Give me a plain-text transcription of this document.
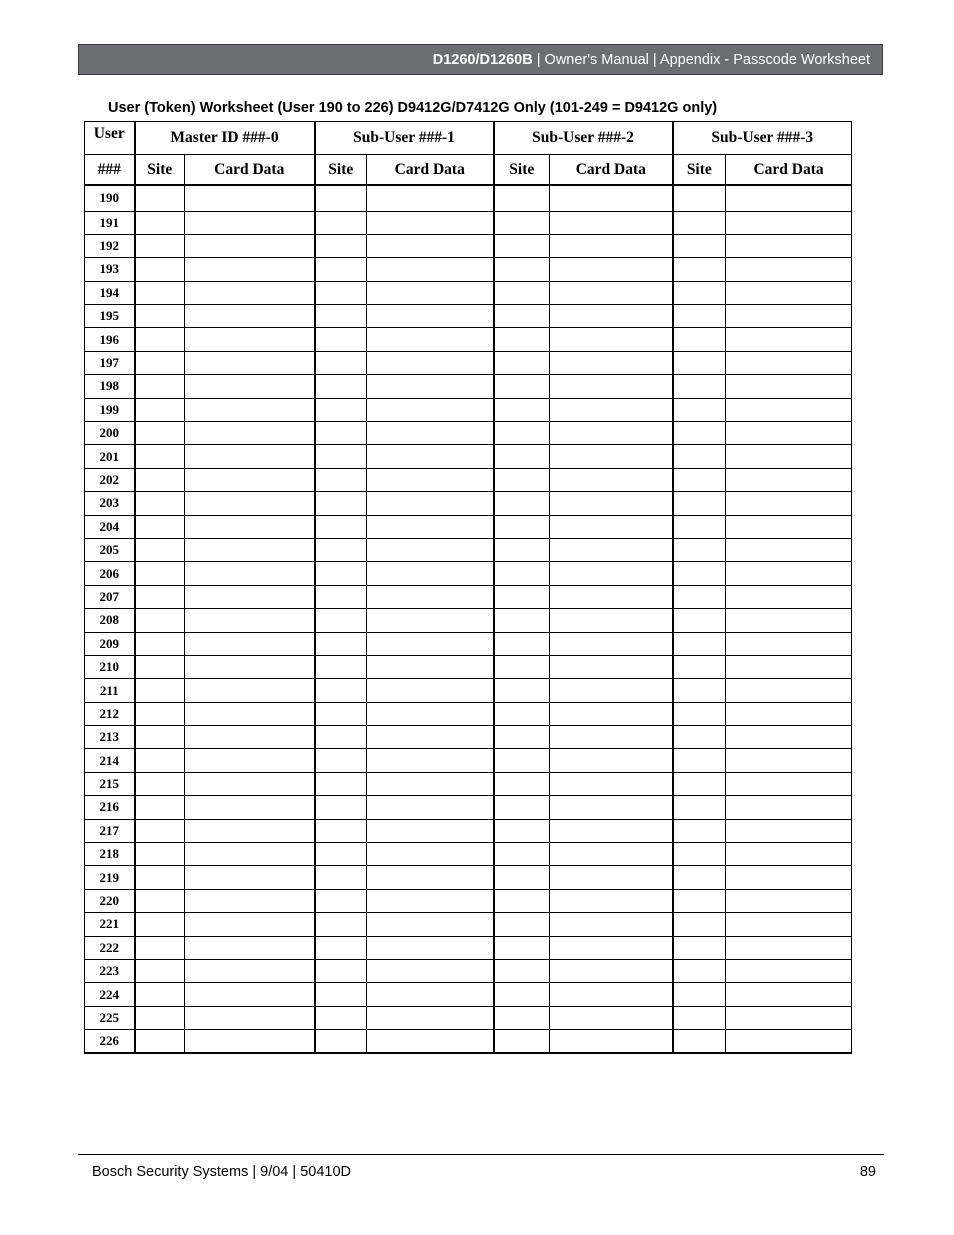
D1260/D1260B | Owner's Manual | Appendix - Passcode Worksheet
User (Token) Worksheet (User 190 to 226) D9412G/D7412G Only (101-249 = D9412G only)
User	Master ID ###-0		Sub-User ###-1		Sub-User ###-2		Sub-User ###-3	
###	Site	Card Data	Site	Card Data	Site	Card Data	Site	Card Data
190								
191								
192								
193								
194								
195								
196								
197								
198								
199								
200								
201								
202								
203								
204								
205								
206								
207								
208								
209								
210								
211								
212								
213								
214								
215								
216								
217								
218								
219								
220								
221								
222								
223								
224								
225								
226								
Bosch Security Systems | 9/04 | 50410D	89
